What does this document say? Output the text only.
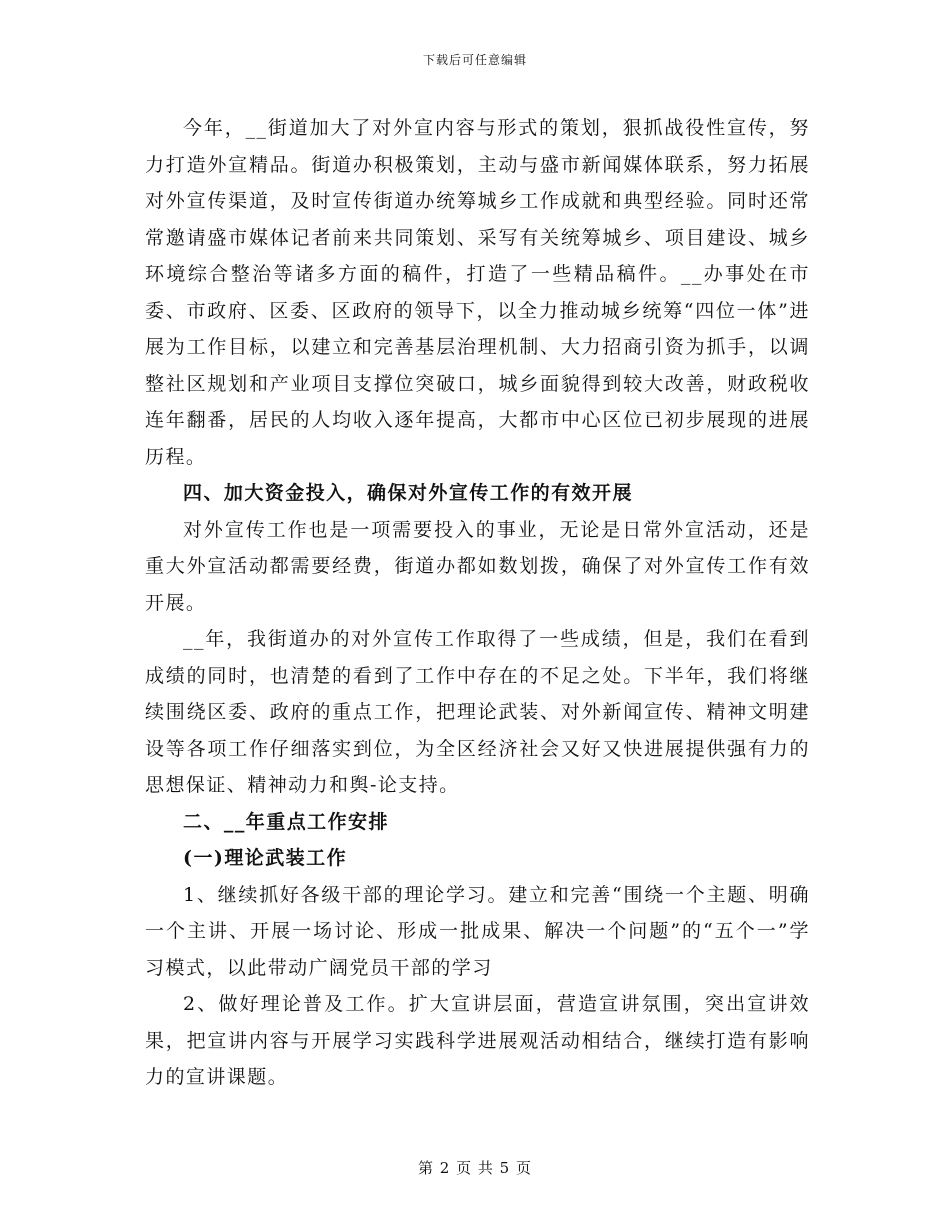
下载后可任意编辑

今年，__街道加大了对外宣内容与形式的策划，狠抓战役性宣传，努力打造外宣精品。街道办积极策划，主动与盛市新闻媒体联系，努力拓展对外宣传渠道，及时宣传街道办统筹城乡工作成就和典型经验。同时还常常邀请盛市媒体记者前来共同策划、采写有关统筹城乡、项目建设、城乡环境综合整治等诸多方面的稿件，打造了一些精品稿件。__办事处在市委、市政府、区委、区政府的领导下，以全力推动城乡统筹“四位一体”进展为工作目标，以建立和完善基层治理机制、大力招商引资为抓手，以调整社区规划和产业项目支撑位突破口，城乡面貌得到较大改善，财政税收连年翻番，居民的人均收入逐年提高，大都市中心区位已初步展现的进展历程。

四、加大资金投入，确保对外宣传工作的有效开展

对外宣传工作也是一项需要投入的事业，无论是日常外宣活动，还是重大外宣活动都需要经费，街道办都如数划拨，确保了对外宣传工作有效开展。

__年，我街道办的对外宣传工作取得了一些成绩，但是，我们在看到成绩的同时，也清楚的看到了工作中存在的不足之处。下半年，我们将继续围绕区委、政府的重点工作，把理论武装、对外新闻宣传、精神文明建设等各项工作仔细落实到位，为全区经济社会又好又快进展提供强有力的思想保证、精神动力和舆-论支持。

二、__年重点工作安排

(一)理论武装工作

1、继续抓好各级干部的理论学习。建立和完善“围绕一个主题、明确一个主讲、开展一场讨论、形成一批成果、解决一个问题”的“五个一”学习模式，以此带动广阔党员干部的学习

2、做好理论普及工作。扩大宣讲层面，营造宣讲氛围，突出宣讲效果，把宣讲内容与开展学习实践科学进展观活动相结合，继续打造有影响力的宣讲课题。

第 2 页 共 5 页
